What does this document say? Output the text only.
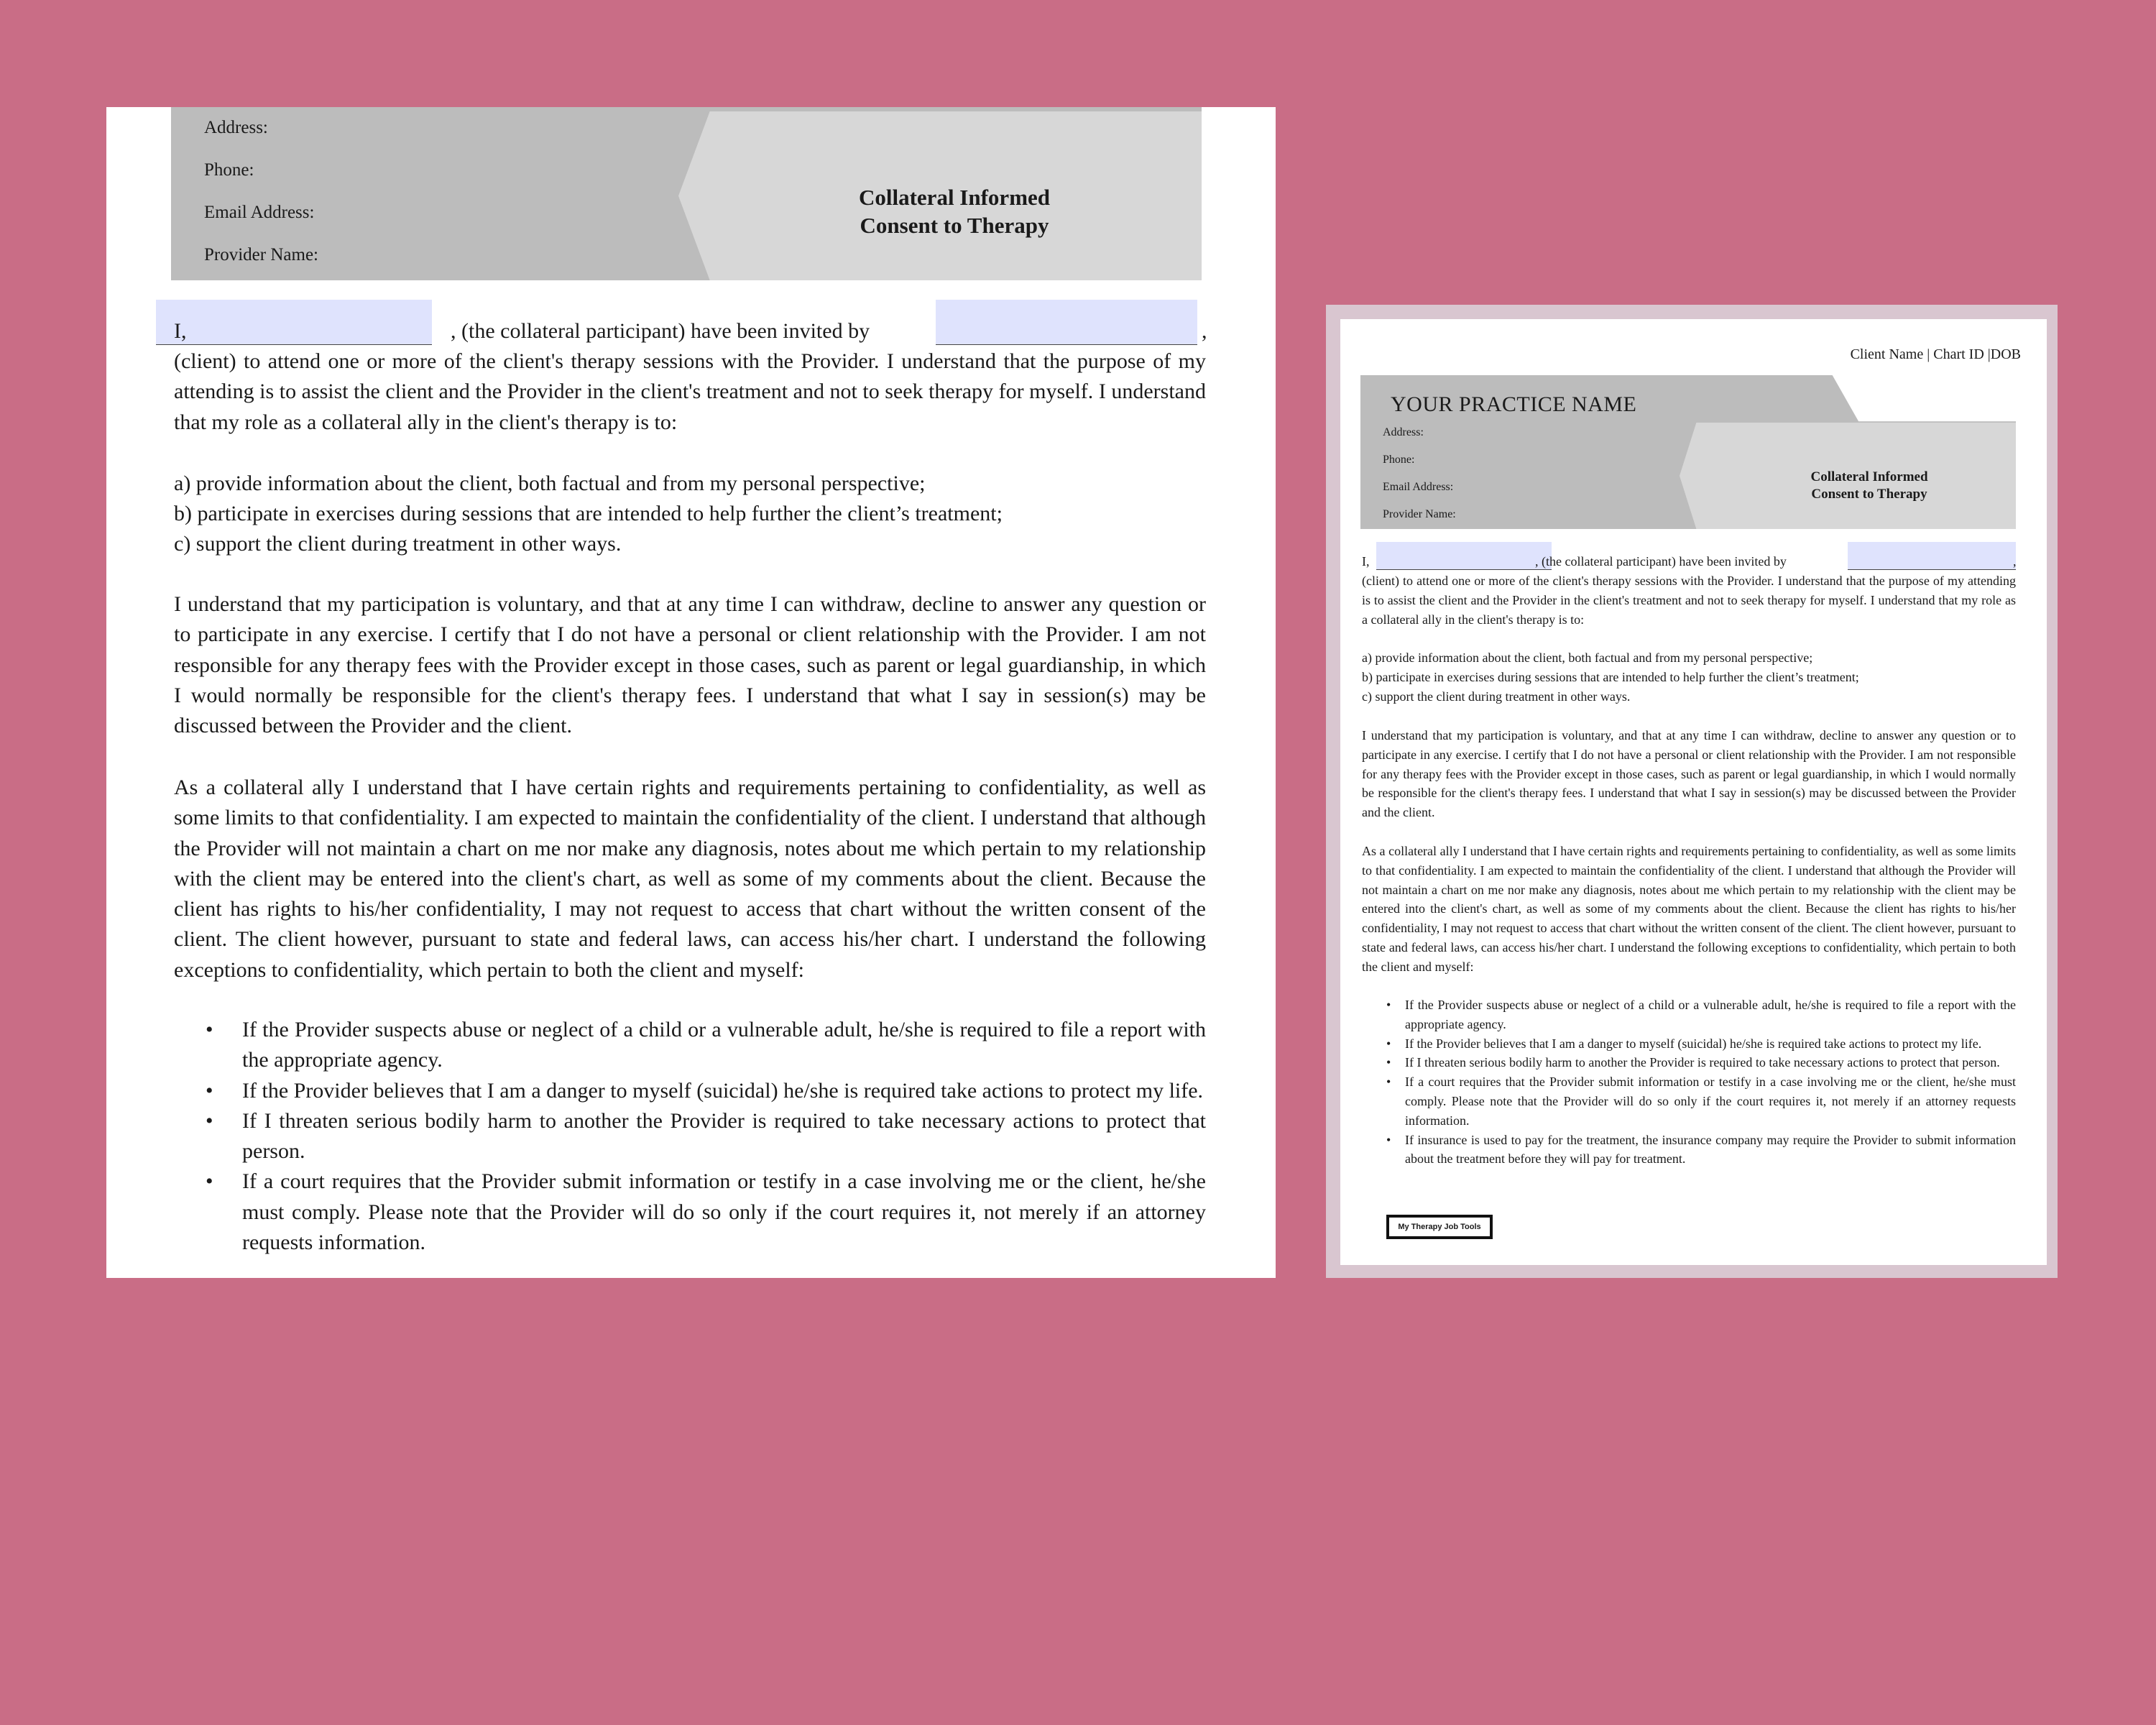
Address:
Phone:
Email Address:
Provider Name:
Collateral Informed
Consent to Therapy

I,	, (the collateral participant) have been invited by	,

(client) to attend one or more of the client's therapy sessions with the Provider. I understand that the purpose of my attending is to assist the client and the Provider in the client's treatment and not to seek therapy for myself. I understand that my role as a collateral ally in the client's therapy is to:

a) provide information about the client, both factual and from my personal perspective;

b) participate in exercises during sessions that are intended to help further the client’s treatment;

c) support the client during treatment in other ways.

I understand that my participation is voluntary, and that at any time I can withdraw, decline to answer any question or to participate in any exercise. I certify that I do not have a personal or client relationship with the Provider. I am not responsible for any therapy fees with the Provider except in those cases, such as parent or legal guardianship, in which I would normally be responsible for the client's therapy fees. I understand that what I say in session(s) may be discussed between the Provider and the client.

As a collateral ally I understand that I have certain rights and requirements pertaining to confidentiality, as well as some limits to that confidentiality. I am expected to maintain the confidentiality of the client. I understand that although the Provider will not maintain a chart on me nor make any diagnosis, notes about me which pertain to my relationship with the client may be entered into the client's chart, as well as some of my comments about the client. Because the client has rights to his/her confidentiality, I may not request to access that chart without the written consent of the client. The client however, pursuant to state and federal laws, can access his/her chart. I understand the following exceptions to confidentiality, which pertain to both the client and myself:

• If the Provider suspects abuse or neglect of a child or a vulnerable adult, he/she is required to file a report with the appropriate agency.
• If the Provider believes that I am a danger to myself (suicidal) he/she is required take actions to protect my life.
• If I threaten serious bodily harm to another the Provider is required to take necessary actions to protect that person.
• If a court requires that the Provider submit information or testify in a case involving me or the client, he/she must comply. Please note that the Provider will do so only if the court requires it, not merely if an attorney requests information.
Client Name | Chart ID |DOB
YOUR PRACTICE NAME
Address:
Phone:
Email Address:
Provider Name:
Collateral Informed
Consent to Therapy

I,	, (the collateral participant) have been invited by	,

(client) to attend one or more of the client's therapy sessions with the Provider. I understand that the purpose of my attending is to assist the client and the Provider in the client's treatment and not to seek therapy for myself. I understand that my role as a collateral ally in the client's therapy is to:

a) provide information about the client, both factual and from my personal perspective;

b) participate in exercises during sessions that are intended to help further the client’s treatment;

c) support the client during treatment in other ways.

I understand that my participation is voluntary, and that at any time I can withdraw, decline to answer any question or to participate in any exercise. I certify that I do not have a personal or client relationship with the Provider. I am not responsible for any therapy fees with the Provider except in those cases, such as parent or legal guardianship, in which I would normally be responsible for the client's therapy fees. I understand that what I say in session(s) may be discussed between the Provider and the client.

As a collateral ally I understand that I have certain rights and requirements pertaining to confidentiality, as well as some limits to that confidentiality. I am expected to maintain the confidentiality of the client. I understand that although the Provider will not maintain a chart on me nor make any diagnosis, notes about me which pertain to my relationship with the client may be entered into the client's chart, as well as some of my comments about the client. Because the client has rights to his/her confidentiality, I may not request to access that chart without the written consent of the client. The client however, pursuant to state and federal laws, can access his/her chart. I understand the following exceptions to confidentiality, which pertain to both the client and myself:

• If the Provider suspects abuse or neglect of a child or a vulnerable adult, he/she is required to file a report with the appropriate agency.
• If the Provider believes that I am a danger to myself (suicidal) he/she is required take actions to protect my life.
• If I threaten serious bodily harm to another the Provider is required to take necessary actions to protect that person.
• If a court requires that the Provider submit information or testify in a case involving me or the client, he/she must comply. Please note that the Provider will do so only if the court requires it, not merely if an attorney requests information.
• If insurance is used to pay for the treatment, the insurance company may require the Provider to submit information about the treatment before they will pay for treatment.
My Therapy Job Tools
